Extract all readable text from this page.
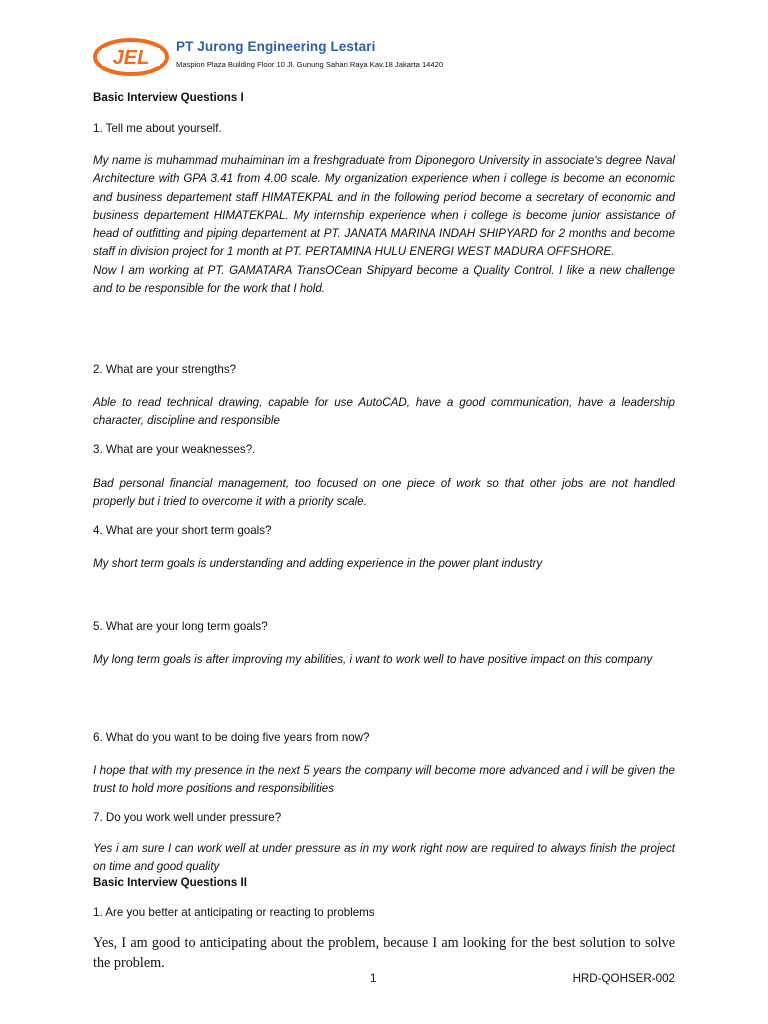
JEL
PT Jurong Engineering Lestari
Maspion Plaza Building Floor 10 Jl. Gunung Sahari Raya Kav.18 Jakarta 14420
Basic Interview Questions I
1. Tell me about yourself.

My name is muhammad muhaiminan im a freshgraduate from Diponegoro University in associate's degree Naval Architecture with GPA 3.41 from 4.00 scale. My organization experience when i college is become an economic and business departement staff HIMATEKPAL and in the following period become a secretary of economic and business departement HIMATEKPAL. My internship experience when i college is become junior assistance of head of outfitting and piping departement at PT. JANATA MARINA INDAH SHIPYARD for 2 months and become staff in division project for 1 month at PT. PERTAMINA HULU ENERGI WEST MADURA OFFSHORE.

Now I am working at PT. GAMATARA TransOCean Shipyard become a Quality Control. I like a new challenge and to be responsible for the work that I hold.

2. What are your strengths?

Able to read technical drawing, capable for use AutoCAD, have a good communication, have a leadership character, discipline and responsible

3. What are your weaknesses?.

Bad personal financial management, too focused on one piece of work so that other jobs are not handled properly but i tried to overcome it with a priority scale.

4. What are your short term goals?

My short term goals is understanding and adding experience in the power plant industry

5. What are your long term goals?

My long term goals is after improving my abilities, i want to work well to have positive impact on this company

6. What do you want to be doing five years from now?

I hope that with my presence in the next 5 years the company will become more advanced and i will be given the trust to hold more positions and responsibilities

7. Do you work well under pressure?

Yes i am sure I can work well at under pressure as in my work right now are required to always finish the project on time and good quality

Basic Interview Questions II
1. Are you better at anticipating or reacting to problems

Yes, I am good to anticipating about the problem, because I am looking for the best solution to solve the problem.

1	HRD-QOHSER-002
